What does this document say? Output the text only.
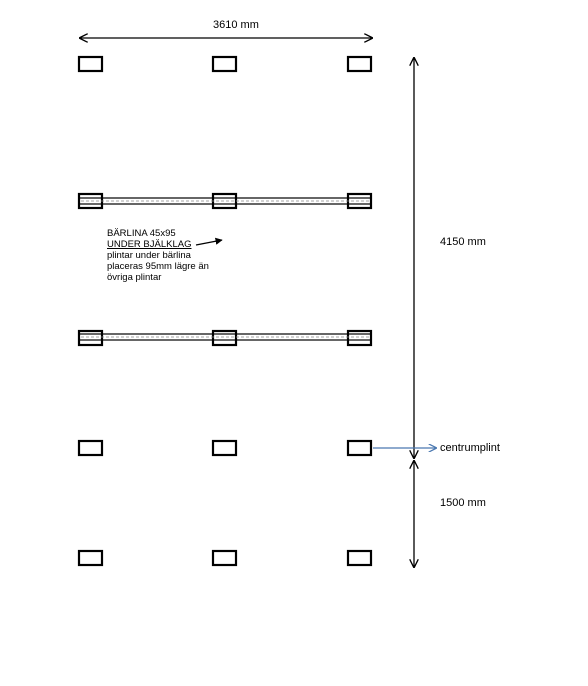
3610 mm
4150 mm
1500 mm
centrumplint
BÄRLINA 45x95
UNDER BJÄLKLAG
plintar under bärlina
placeras 95mm lägre än
övriga plintar
